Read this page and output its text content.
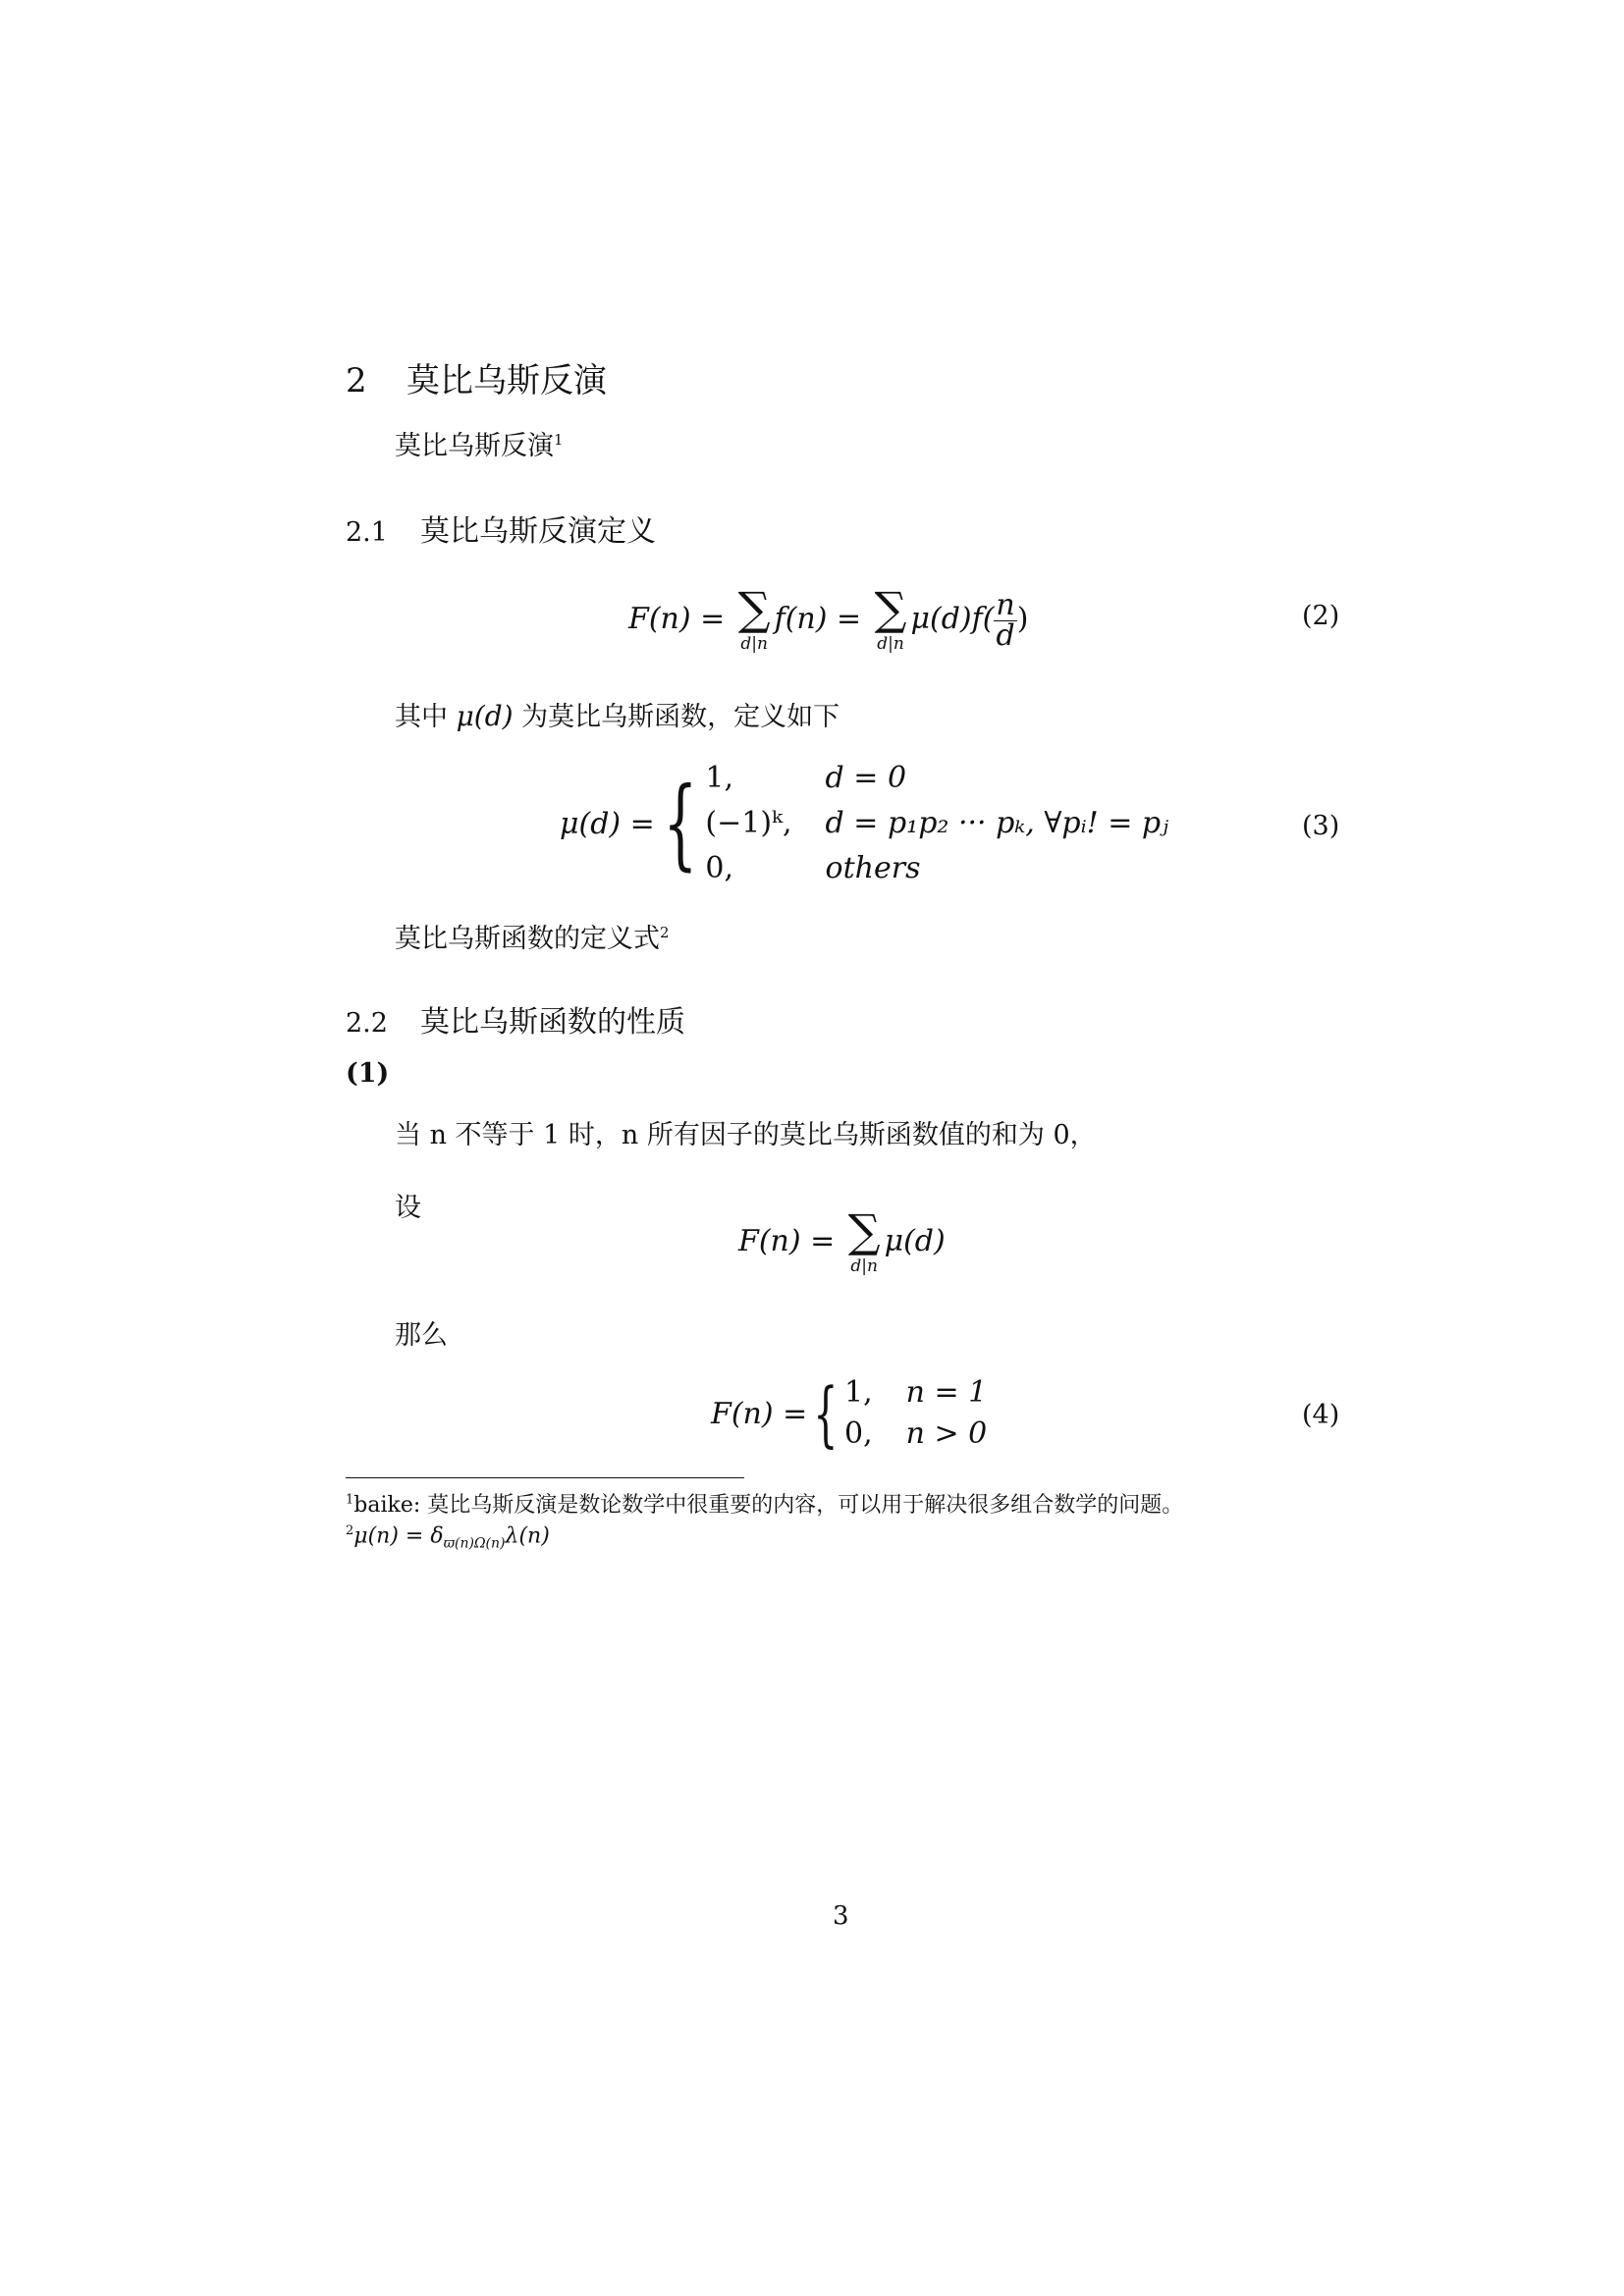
2 莫比乌斯反演
莫比乌斯反演$^1$
2.1 莫比乌斯反演定义
F(n) = ∑
d|n
f(n) = ∑
d|n
$\mu(d)f( \frac{n}{d}$ )	(2)
其中 μ(d) 为莫比乌斯函数，定义如下
μ(d) = { 1,	d = 0
(−1)ᵏ, d = p₁p₂ ··· pₖ, ∀pᵢ! = pⱼ
0,	others
(3)
莫比乌斯函数的定义式$^2$
2.2 莫比乌斯函数的性质
(1)
当 n 不等于 1 时，n 所有因子的莫比乌斯函数值的和为 0，
设
F(n) = ∑
d|n
μ(d)
那么
F(n) = { 1, n = 1
0, n > 0
(4)
$^1$baike: 莫比乌斯反演是数论数学中很重要的内容，可以用于解决很多组合数学的问题。
$^2\mu(n) = \delta_{ϖ(n)\Omega(n)}\lambda(n)$
3
